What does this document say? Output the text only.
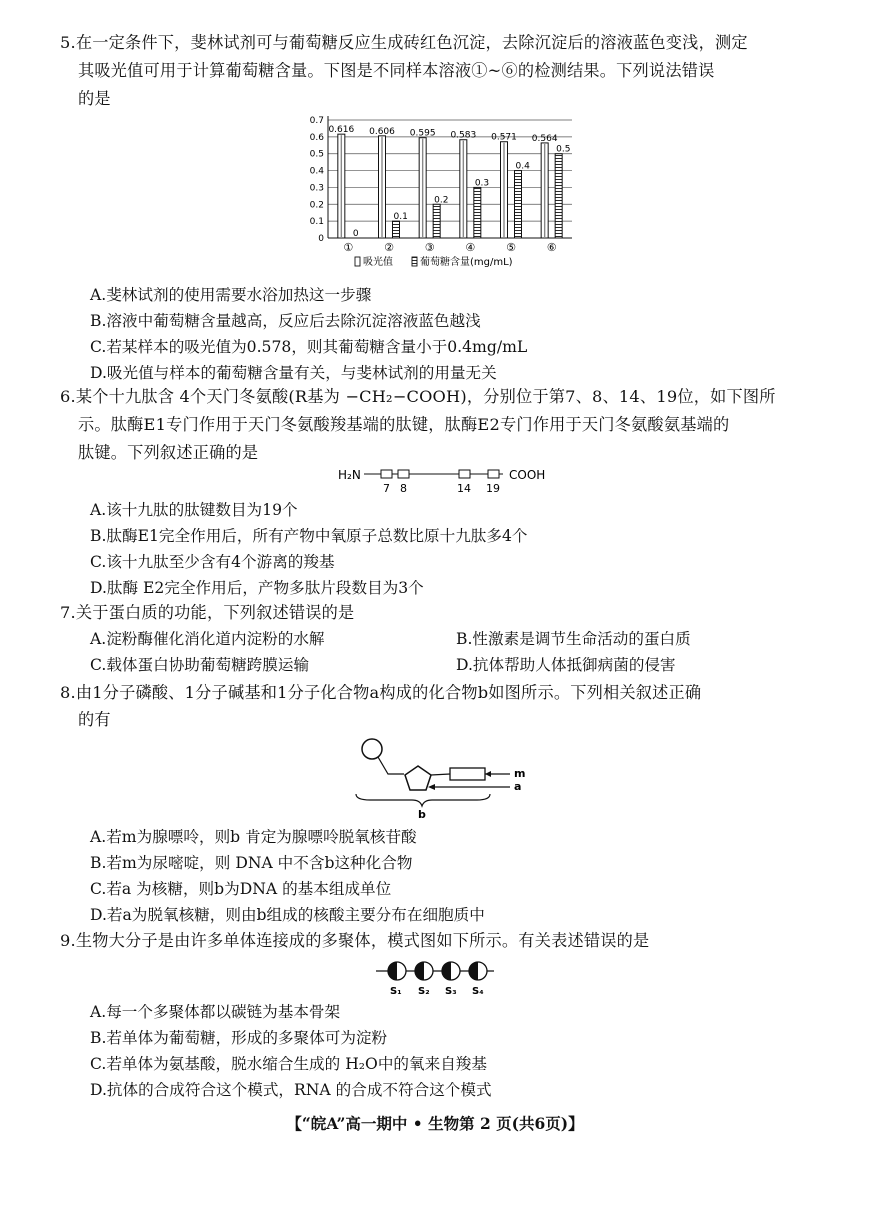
5.在一定条件下，斐林试剂可与葡萄糖反应生成砖红色沉淀，去除沉淀后的溶液蓝色变浅，测定
其吸光值可用于计算葡萄糖含量。下图是不同样本溶液①~⑥的检测结果。下列说法错误
的是
0
0.1
0.2
0.3
0.4
0.5
0.6
0.7
0.616
0
①
0.606
0.1
②
0.595
0.2
③
0.583
0.3
④
0.571
0.4
⑤
0.564
0.5
⑥
吸光值	葡萄糖含量(mg/mL)
A.斐林试剂的使用需要水浴加热这一步骤
B.溶液中葡萄糖含量越高，反应后去除沉淀溶液蓝色越浅
C.若某样本的吸光值为0.578，则其葡萄糖含量小于0.4mg/mL
D.吸光值与样本的葡萄糖含量有关，与斐林试剂的用量无关
6.某个十九肽含 4个天门冬氨酸(R基为 −CH₂−COOH)，分别位于第7、8、14、19位，如下图所
示。肽酶E1专门作用于天门冬氨酸羧基端的肽键，肽酶E2专门作用于天门冬氨酸氨基端的
肽键。下列叙述正确的是
H₂N	COOH
7 8	14 19
A.该十九肽的肽键数目为19个
B.肽酶E1完全作用后，所有产物中氧原子总数比原十九肽多4个
C.该十九肽至少含有4个游离的羧基
D.肽酶 E2完全作用后，产物多肽片段数目为3个
7.关于蛋白质的功能，下列叙述错误的是
A.淀粉酶催化消化道内淀粉的水解	B.性激素是调节生命活动的蛋白质
C.载体蛋白协助葡萄糖跨膜运输	D.抗体帮助人体抵御病菌的侵害
8.由1分子磷酸、1分子碱基和1分子化合物a构成的化合物b如图所示。下列相关叙述正确
的有
m
a
b
A.若m为腺嘌呤，则b 肯定为腺嘌呤脱氧核苷酸
B.若m为尿嘧啶，则 DNA 中不含b这种化合物
C.若a 为核糖，则b为DNA 的基本组成单位
D.若a为脱氧核糖，则由b组成的核酸主要分布在细胞质中
9.生物大分子是由许多单体连接成的多聚体，模式图如下所示。有关表述错误的是
S₁ S₂ S₃ S₄
A.每一个多聚体都以碳链为基本骨架
B.若单体为葡萄糖，形成的多聚体可为淀粉
C.若单体为氨基酸，脱水缩合生成的 H₂O中的氧来自羧基
D.抗体的合成符合这个模式，RNA 的合成不符合这个模式
【“皖A”高一期中 • 生物第 2 页(共6页)】
